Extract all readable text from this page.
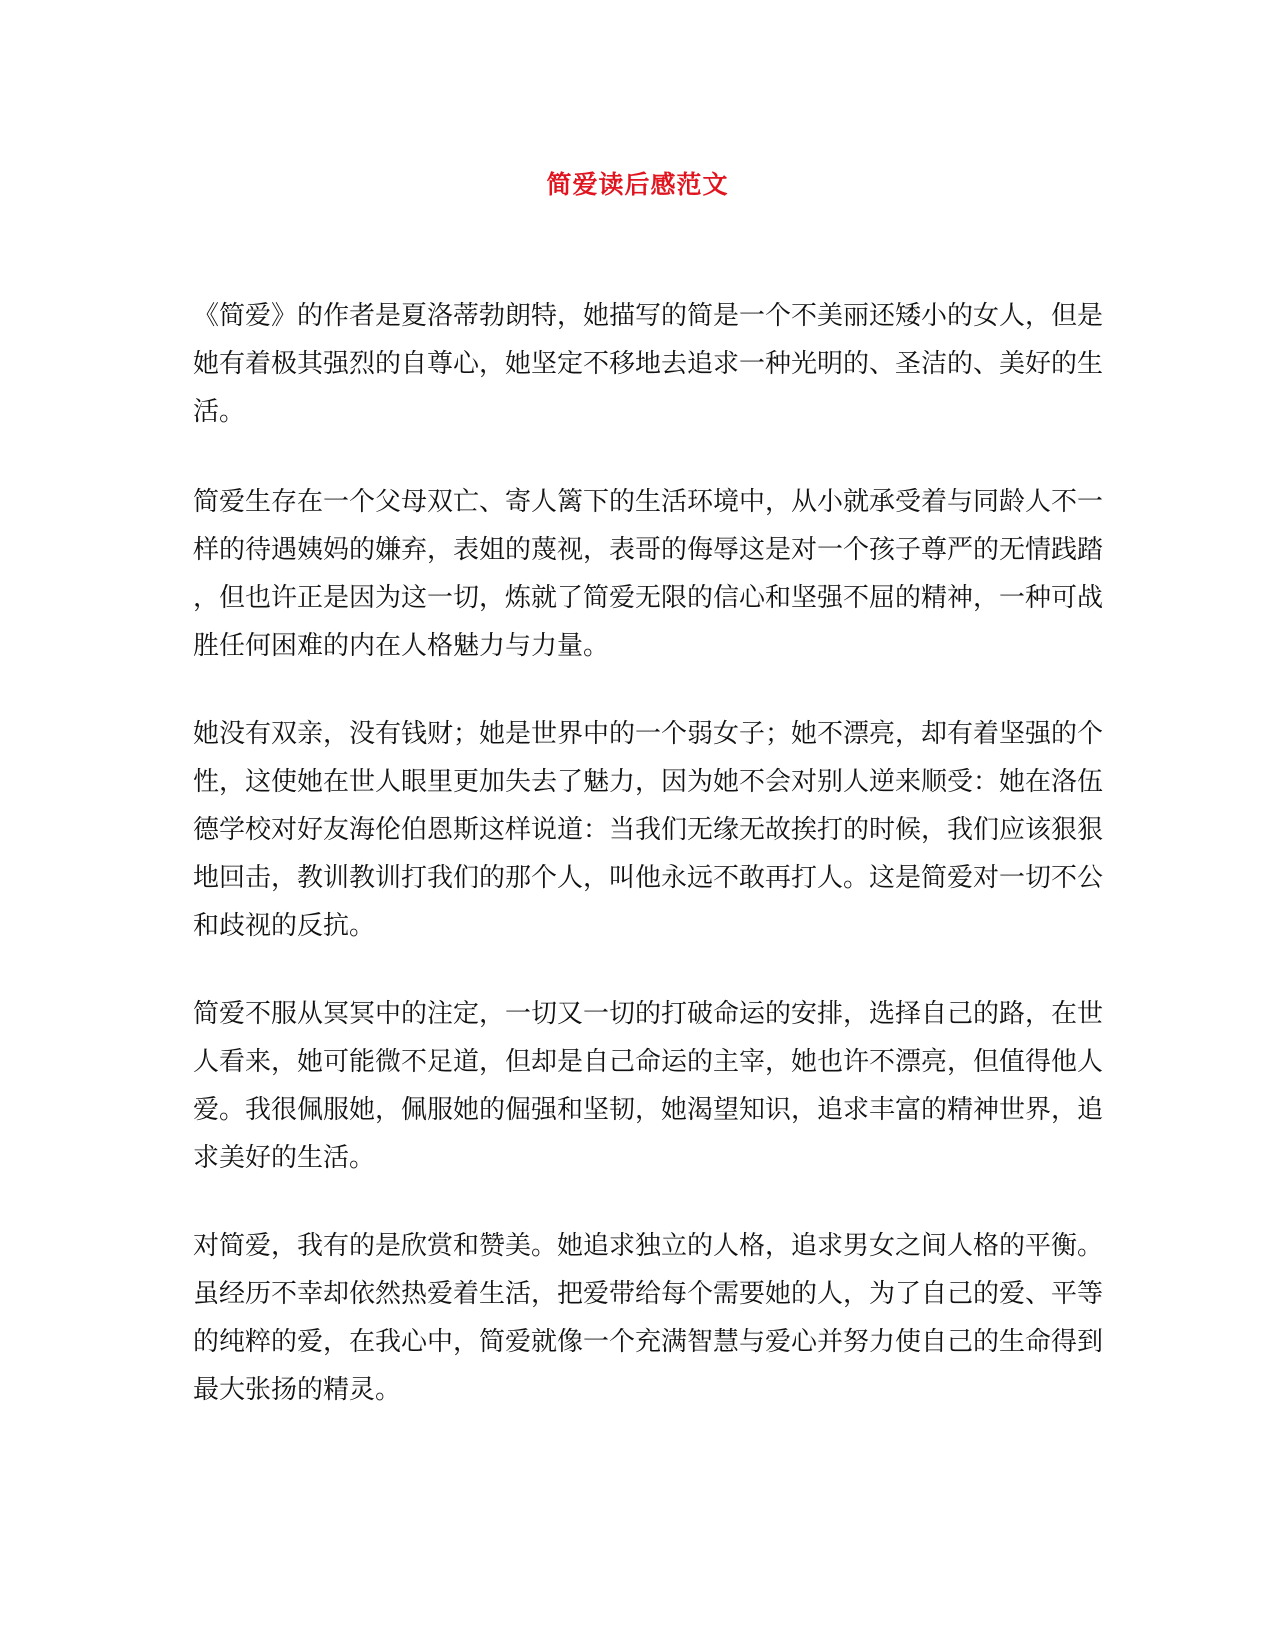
简爱读后感范文
《简爱》的作者是夏洛蒂勃朗特，她描写的简是一个不美丽还矮小的女人，但是
她有着极其强烈的自尊心，她坚定不移地去追求一种光明的、圣洁的、美好的生
活。
简爱生存在一个父母双亡、寄人篱下的生活环境中，从小就承受着与同龄人不一
样的待遇姨妈的嫌弃，表姐的蔑视，表哥的侮辱这是对一个孩子尊严的无情践踏
，但也许正是因为这一切，炼就了简爱无限的信心和坚强不屈的精神，一种可战
胜任何困难的内在人格魅力与力量。
她没有双亲，没有钱财；她是世界中的一个弱女子；她不漂亮，却有着坚强的个
性，这使她在世人眼里更加失去了魅力，因为她不会对别人逆来顺受：她在洛伍
德学校对好友海伦伯恩斯这样说道：当我们无缘无故挨打的时候，我们应该狠狠
地回击，教训教训打我们的那个人，叫他永远不敢再打人。这是简爱对一切不公
和歧视的反抗。
简爱不服从冥冥中的注定，一切又一切的打破命运的安排，选择自己的路，在世
人看来，她可能微不足道，但却是自己命运的主宰，她也许不漂亮，但值得他人
爱。我很佩服她，佩服她的倔强和坚韧，她渴望知识，追求丰富的精神世界，追
求美好的生活。
对简爱，我有的是欣赏和赞美。她追求独立的人格，追求男女之间人格的平衡。
虽经历不幸却依然热爱着生活，把爱带给每个需要她的人，为了自己的爱、平等
的纯粹的爱，在我心中，简爱就像一个充满智慧与爱心并努力使自己的生命得到
最大张扬的精灵。
